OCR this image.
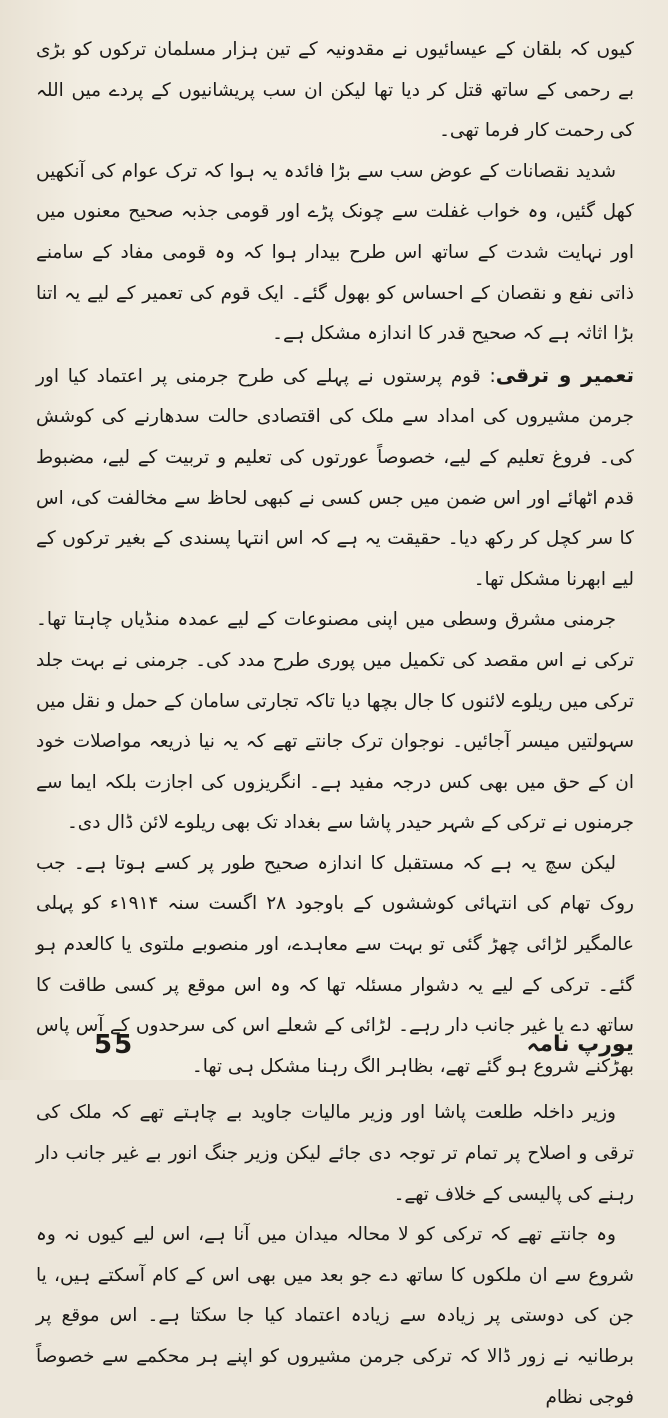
کیوں کہ بلقان کے عیسائیوں نے مقدونیہ کے تین ہزار مسلمان ترکوں کو بڑی بے رحمی کے ساتھ قتل کر دیا تھا لیکن ان سب پریشانیوں کے پردے میں اللہ کی رحمت کار فرما تھی۔

شدید نقصانات کے عوض سب سے بڑا فائدہ یہ ہوا کہ ترک عوام کی آنکھیں کھل گئیں، وہ خواب غفلت سے چونک پڑے اور قومی جذبہ صحیح معنوں میں اور نہایت شدت کے ساتھ اس طرح بیدار ہوا کہ وہ قومی مفاد کے سامنے ذاتی نفع و نقصان کے احساس کو بھول گئے۔ ایک قوم کی تعمیر کے لیے یہ اتنا بڑا اثاثہ ہے کہ صحیح قدر کا اندازہ مشکل ہے۔

تعمیر و ترقی: قوم پرستوں نے پہلے کی طرح جرمنی پر اعتماد کیا اور جرمن مشیروں کی امداد سے ملک کی اقتصادی حالت سدھارنے کی کوشش کی۔ فروغ تعلیم کے لیے، خصوصاً عورتوں کی تعلیم و تربیت کے لیے، مضبوط قدم اٹھائے اور اس ضمن میں جس کسی نے کبھی لحاظ سے مخالفت کی، اس کا سر کچل کر رکھ دیا۔ حقیقت یہ ہے کہ اس انتہا پسندی کے بغیر ترکوں کے لیے ابھرنا مشکل تھا۔

جرمنی مشرق وسطی میں اپنی مصنوعات کے لیے عمدہ منڈیاں چاہتا تھا۔ ترکی نے اس مقصد کی تکمیل میں پوری طرح مدد کی۔ جرمنی نے بہت جلد ترکی میں ریلوے لائنوں کا جال بچھا دیا تاکہ تجارتی سامان کے حمل و نقل میں سہولتیں میسر آجائیں۔ نوجوان ترک جانتے تھے کہ یہ نیا ذریعہ مواصلات خود ان کے حق میں بھی کس درجہ مفید ہے۔ انگریزوں کی اجازت بلکہ ایما سے جرمنوں نے ترکی کے شہر حیدر پاشا سے بغداد تک بھی ریلوے لائن ڈال دی۔

لیکن سچ یہ ہے کہ مستقبل کا اندازہ صحیح طور پر کسے ہوتا ہے۔ جب روک تھام کی انتہائی کوششوں کے باوجود ۲۸ اگست سنہ ۱۹۱۴ء کو پہلی عالمگیر لڑائی چھڑ گئی تو بہت سے معاہدے، اور منصوبے ملتوی یا کالعدم ہو گئے۔ ترکی کے لیے یہ دشوار مسئلہ تھا کہ وہ اس موقع پر کسی طاقت کا ساتھ دے یا غیر جانب دار رہے۔ لڑائی کے شعلے اس کی سرحدوں کے آس پاس بھڑکنے شروع ہو گئے تھے، بظاہر الگ رہنا مشکل ہی تھا۔

وزیر داخلہ طلعت پاشا اور وزیر مالیات جاوید بے چاہتے تھے کہ ملک کی ترقی و اصلاح پر تمام تر توجہ دی جائے لیکن وزیر جنگ انور بے غیر جانب دار رہنے کی پالیسی کے خلاف تھے۔

وہ جانتے تھے کہ ترکی کو لا محالہ میدان میں آنا ہے، اس لیے کیوں نہ وہ شروع سے ان ملکوں کا ساتھ دے جو بعد میں بھی اس کے کام آسکتے ہیں، یا جن کی دوستی پر زیادہ سے زیادہ اعتماد کیا جا سکتا ہے۔ اس موقع پر برطانیہ نے زور ڈالا کہ ترکی جرمن مشیروں کو اپنے ہر محکمے سے خصوصاً فوجی نظام

55	یورپ نامہ
